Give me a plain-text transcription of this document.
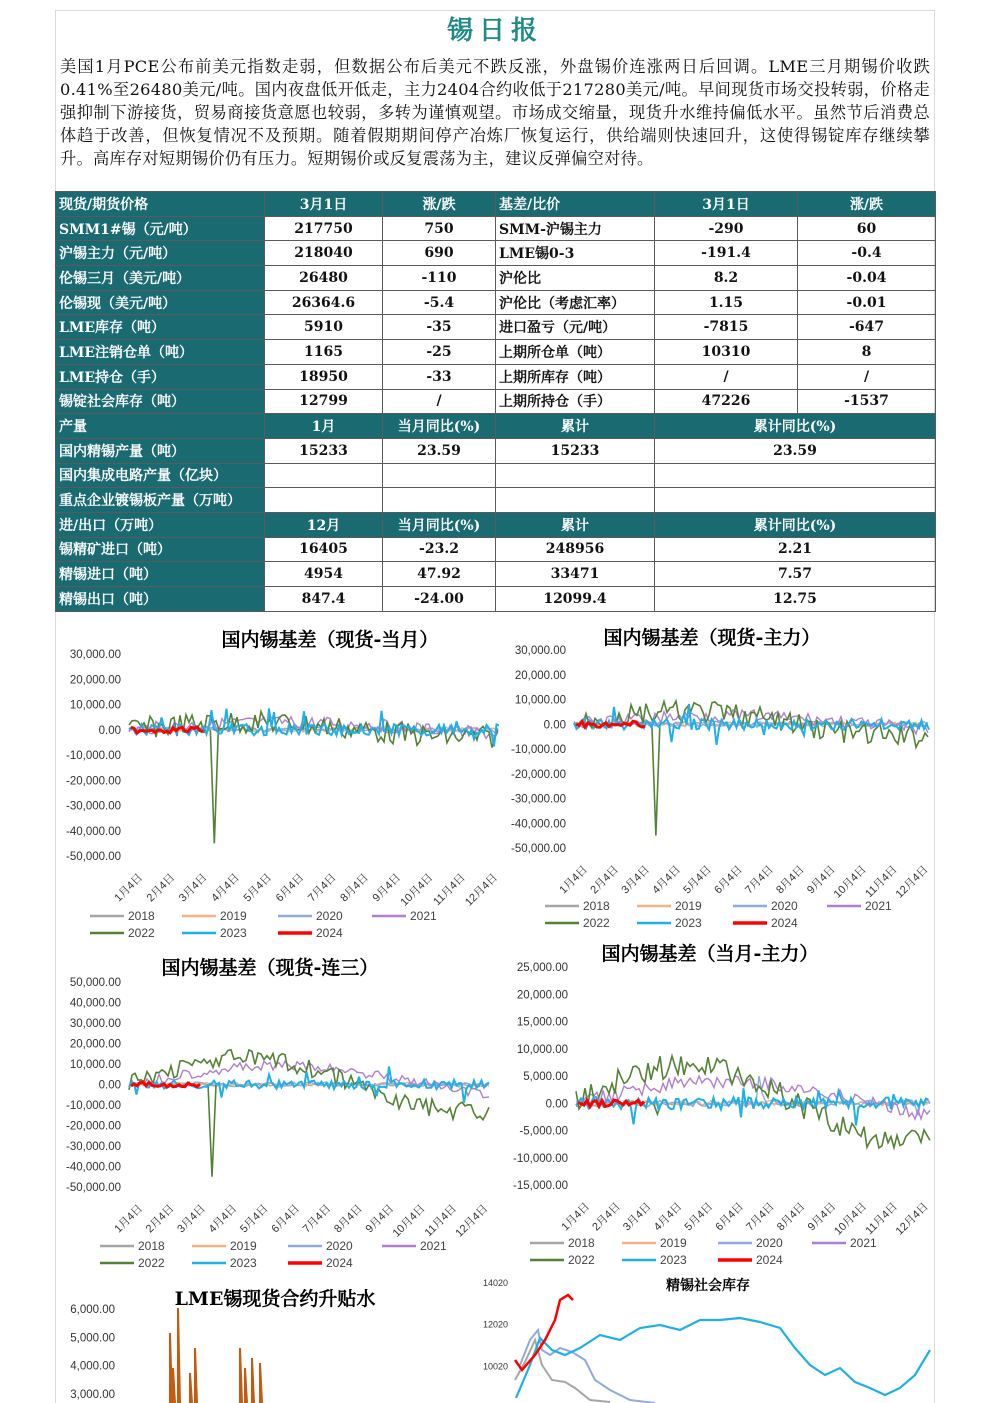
锡日报
美国1月PCE公布前美元指数走弱，但数据公布后美元不跌反涨，外盘锡价连涨两日后回调。LME三月期锡价收跌0.41%至26480美元/吨。国内夜盘低开低走，主力2404合约收低于217280美元/吨。早间现货市场交投转弱，价格走强抑制下游接货，贸易商接货意愿也较弱，多转为谨慎观望。市场成交缩量，现货升水维持偏低水平。虽然节后消费总体趋于改善，但恢复情况不及预期。随着假期期间停产冶炼厂恢复运行，供给端则快速回升，这使得锡锭库存继续攀升。高库存对短期锡价仍有压力。短期锡价或反复震荡为主，建议反弹偏空对待。
现货/期货价格	3月1日	涨/跌	基差/比价	3月1日	涨/跌
SMM1#锡（元/吨）	217750	750	SMM-沪锡主力	-290	60
沪锡主力（元/吨）	218040	690	LME锡0-3	-191.4	-0.4
伦锡三月（美元/吨）	26480	-110	沪伦比	8.2	-0.04
伦锡现（美元/吨）	26364.6	-5.4	沪伦比（考虑汇率）	1.15	-0.01
LME库存（吨）	5910	-35	进口盈亏（元/吨）	-7815	-647
LME注销仓单（吨）	1165	-25	上期所仓单（吨）	10310	8
LME持仓（手）	18950	-33	上期所库存（吨）	/	/
锡锭社会库存（吨）	12799	/	上期所持仓（手）	47226	-1537
产量	1月	当月同比(%)	累计	累计同比(%)	
国内精锡产量（吨）	15233	23.59	15233	23.59	
国内集成电路产量（亿块）					
重点企业镀锡板产量（万吨）					
进/出口（万吨）	12月	当月同比(%)	累计	累计同比(%)	
锡精矿进口（吨）	16405	-23.2	248956	2.21	
精锡进口（吨）	4954	47.92	33471	7.57	
精锡出口（吨）	847.4	-24.00	12099.4	12.75	
国内锡基差（现货-当月）
30,000.00
20,000.00
10,000.00
0.00
-10,000.00
-20,000.00
-30,000.00
-40,000.00
-50,000.00
1月4日 2月4日 3月4日 4月4日 5月4日 6月4日 7月4日 8月4日 9月4日
10月4日
11月4日
12月4日
2018	2019	2020	2021
2022	2023	2024
国内锡基差（现货-主力）
30,000.00
20,000.00
10,000.00
0.00
-10,000.00
-20,000.00
-30,000.00
-40,000.00
-50,000.00
1月4日
2月4日
3月4日
4月4日
5月4日
6月4日
7月4日
8月4日
9月4日
10月4日
11月4日
12月4日
2018	2019	2020	2021
2022	2023	2024
国内锡基差（现货-连三）
50,000.00
40,000.00
30,000.00
20,000.00
10,000.00
0.00
-10,000.00
-20,000.00
-30,000.00
-40,000.00
-50,000.00
1月4日
2月4日
3月4日
4月4日
5月4日
6月4日
7月4日
8月4日
9月4日
10月4日
11月4日
12月4日
2018	2019	2020	2021
2022	2023	2024
国内锡基差（当月-主力）
25,000.00
20,000.00
15,000.00
10,000.00
5,000.00
0.00
-5,000.00
-10,000.00
-15,000.00
1月4日
2月4日
3月4日
4月4日
5月4日
6月4日
7月4日
8月4日
9月4日
10月4日
11月4日
12月4日
2018	2019	2020	2021
2022	2023	2024
LME锡现货合约升贴水
6,000.00
5,000.00
4,000.00
3,000.00
精锡社会库存
14020
12020
10020
